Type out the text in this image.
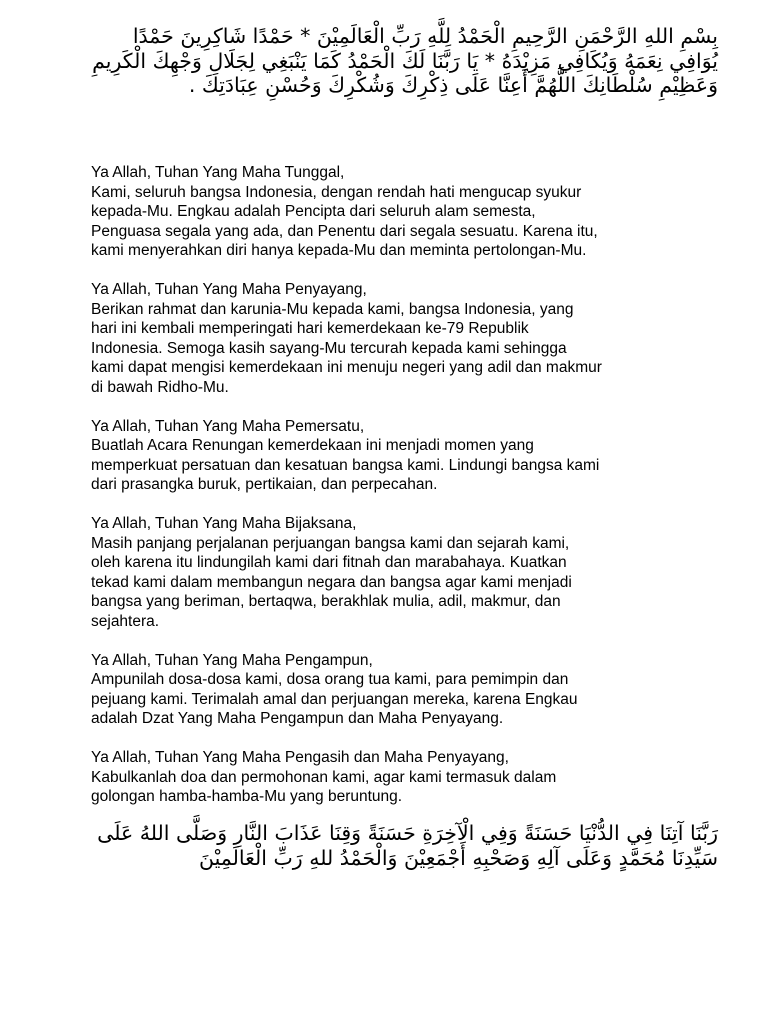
بِسْمِ اللهِ الرَّحْمَنِ الرَّحِيمِ الْحَمْدُ لِلَّهِ رَبِّ الْعَالَمِيْنَ * حَمْدًا شَاكِرِينَ حَمْدًا يُوَافِي نِعَمَهُ وَيُكَافِي مَزِيْدَهُ * يَا رَبَّنَا لَكَ الْحَمْدُ كَمَا يَنْبَغِي لِجَلَالِ وَجْهِكَ الْكَرِيمِ وَعَظِيْمِ سُلْطَانِكَ اللَّهُمَّ أَعِنَّا عَلَى ذِكْرِكَ وَشُكْرِكَ وَحُسْنِ عِبَادَتِكَ .
Ya Allah, Tuhan Yang Maha Tunggal,
Kami, seluruh bangsa Indonesia, dengan rendah hati mengucap syukur
kepada-Mu. Engkau adalah Pencipta dari seluruh alam semesta,
Penguasa segala yang ada, dan Penentu dari segala sesuatu. Karena itu,
kami menyerahkan diri hanya kepada-Mu dan meminta pertolongan-Mu.
Ya Allah, Tuhan Yang Maha Penyayang,
Berikan rahmat dan karunia-Mu kepada kami, bangsa Indonesia, yang
hari ini kembali memperingati hari kemerdekaan ke-79 Republik
Indonesia. Semoga kasih sayang-Mu tercurah kepada kami sehingga
kami dapat mengisi kemerdekaan ini menuju negeri yang adil dan makmur
di bawah Ridho-Mu.
Ya Allah, Tuhan Yang Maha Pemersatu,
Buatlah Acara Renungan kemerdekaan ini menjadi momen yang
memperkuat persatuan dan kesatuan bangsa kami. Lindungi bangsa kami
dari prasangka buruk, pertikaian, dan perpecahan.
Ya Allah, Tuhan Yang Maha Bijaksana,
Masih panjang perjalanan perjuangan bangsa kami dan sejarah kami,
oleh karena itu lindungilah kami dari fitnah dan marabahaya. Kuatkan
tekad kami dalam membangun negara dan bangsa agar kami menjadi
bangsa yang beriman, bertaqwa, berakhlak mulia, adil, makmur, dan
sejahtera.
Ya Allah, Tuhan Yang Maha Pengampun,
Ampunilah dosa-dosa kami, dosa orang tua kami, para pemimpin dan
pejuang kami. Terimalah amal dan perjuangan mereka, karena Engkau
adalah Dzat Yang Maha Pengampun dan Maha Penyayang.
Ya Allah, Tuhan Yang Maha Pengasih dan Maha Penyayang,
Kabulkanlah doa dan permohonan kami, agar kami termasuk dalam
golongan hamba-hamba-Mu yang beruntung.
رَبَّنَا آتِنَا فِي الدُّنْيَا حَسَنَةً وَفِي الْآخِرَةِ حَسَنَةً وَقِنَا عَذَابَ النَّارِ وَصَلَّى اللهُ عَلَى سَيِّدِنَا مُحَمَّدٍ وَعَلَى آلِهِ وَصَحْبِهِ أَجْمَعِيْنَ وَالْحَمْدُ للهِ رَبِّ الْعَالَمِيْنَ
